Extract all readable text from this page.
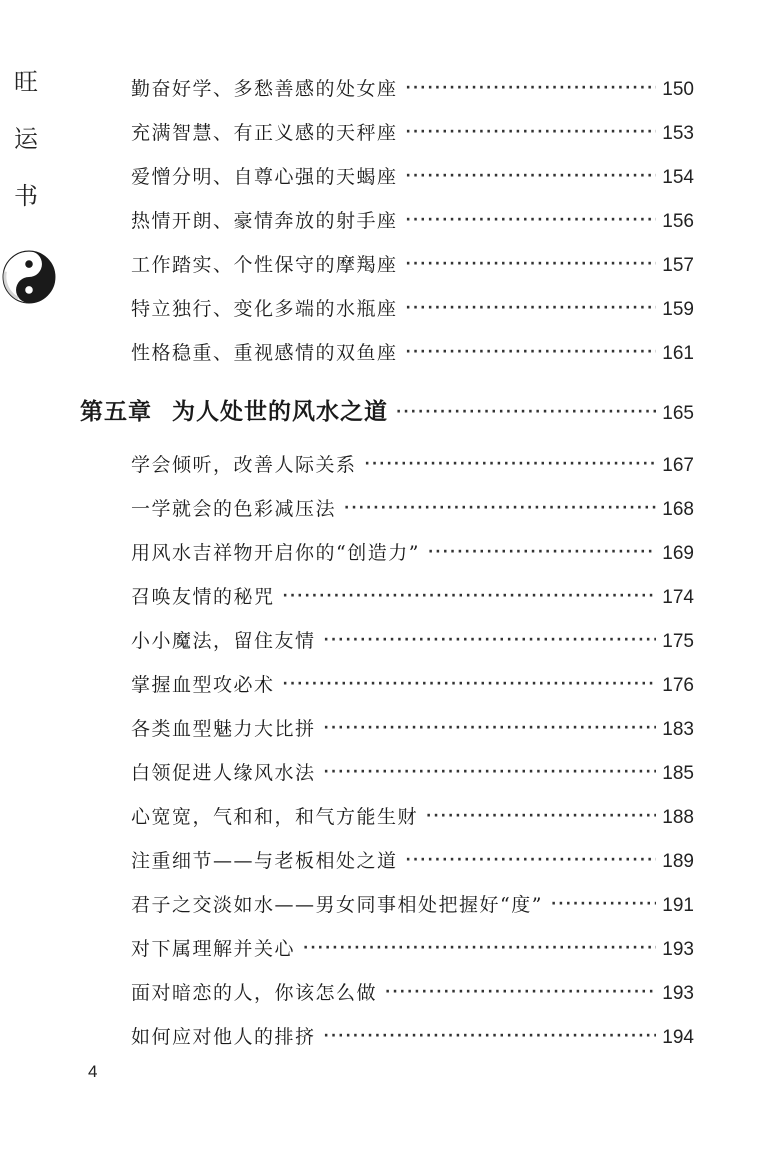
旺
运
书
勤奋好学、多愁善感的处女座 ·····	150
充满智慧、有正义感的天秤座 ·····	153
爱憎分明、自尊心强的天蝎座 ·····	154
热情开朗、豪情奔放的射手座 ·····	156
工作踏实、个性保守的摩羯座 ·····	157
特立独行、变化多端的水瓶座 ·····	159
性格稳重、重视感情的双鱼座 ·····	161
第五章 为人处世的风水之道 ·····	165
学会倾听，改善人际关系 ·····	167
一学就会的色彩减压法 ·····	168
用风水吉祥物开启你的“创造力” ·····	169
召唤友情的秘咒 ·····	174
小小魔法，留住友情 ·····	175
掌握血型攻必术 ·····	176
各类血型魅力大比拼 ·····	183
白领促进人缘风水法 ·····	185
心宽宽，气和和，和气方能生财 ·····	188
注重细节——与老板相处之道 ·····	189
君子之交淡如水——男女同事相处把握好“度” ·····	191
对下属理解并关心 ·····	193
面对暗恋的人，你该怎么做 ·····	193
如何应对他人的排挤 ·····	194
4
